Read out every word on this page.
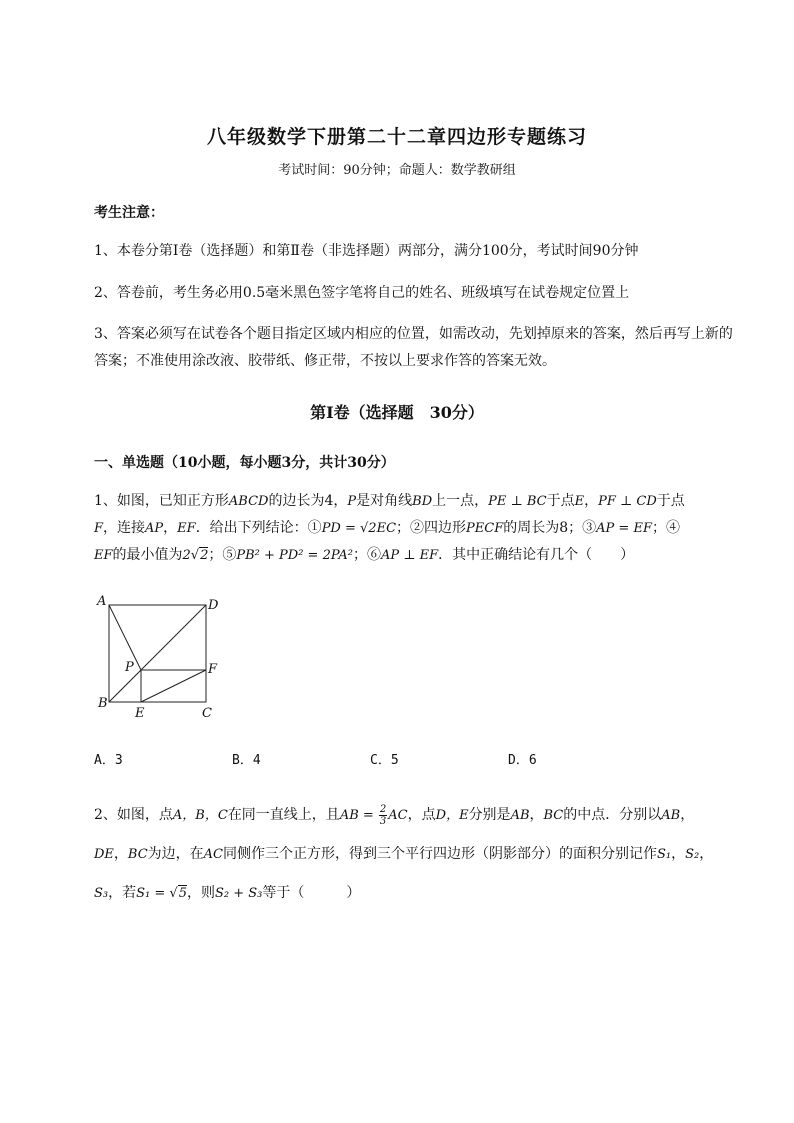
八年级数学下册第二十二章四边形专题练习
考试时间：90分钟；命题人：数学教研组
考生注意：
1、本卷分第I卷（选择题）和第Ⅱ卷（非选择题）两部分，满分100分，考试时间90分钟
2、答卷前，考生务必用0.5毫米黑色签字笔将自己的姓名、班级填写在试卷规定位置上
3、答案必须写在试卷各个题目指定区域内相应的位置，如需改动，先划掉原来的答案，然后再写上新的答案；不准使用涂改液、胶带纸、修正带，不按以上要求作答的答案无效。
第I卷（选择题　30分）
一、单选题（10小题，每小题3分，共计30分）
1、如图，已知正方形ABCD的边长为4，P是对角线BD上一点，PE ⊥ BC于点E，PF ⊥ CD于点
F，连接AP，EF．给出下列结论：①PD = √2EC；②四边形PECF的周长为8；③AP = EF；④
EF的最小值为2√2；⑤PB² + PD² = 2PA²；⑥AP ⊥ EF．其中正确结论有几个（　　）
A	D
P	F
B
E	C
A．3	B．4	C．5	D．6
2、如图，点A，B，C在同一直线上，且AB = $\frac{2}{3}$ AC，点D，E分别是AB，BC的中点．分别以AB，
DE，BC为边，在AC同侧作三个正方形，得到三个平行四边形（阴影部分）的面积分别记作S₁，S₂，
S₃，若S₁ = √5，则S₂ + S₃等于（　　　）
